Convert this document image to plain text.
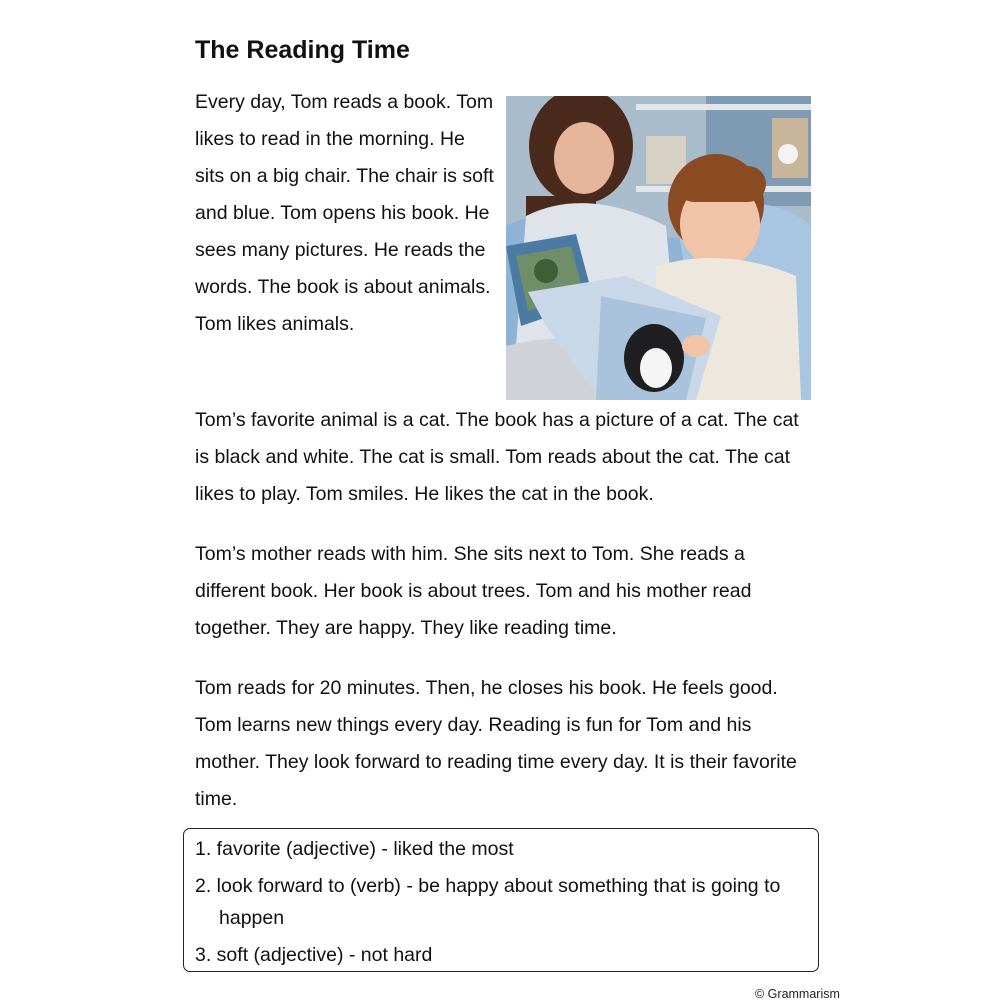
The Reading Time

Every day, Tom reads a book. Tom likes to read in the morning. He sits on a big chair. The chair is soft and blue. Tom opens his book. He sees many pictures. He reads the words. The book is about animals. Tom likes animals.

Tom’s favorite animal is a cat. The book has a picture of a cat. The cat is black and white. The cat is small. Tom reads about the cat. The cat likes to play. Tom smiles. He likes the cat in the book.

Tom’s mother reads with him. She sits next to Tom. She reads a different book. Her book is about trees. Tom and his mother read together. They are happy. They like reading time.

Tom reads for 20 minutes. Then, he closes his book. He feels good. Tom learns new things every day. Reading is fun for Tom and his mother. They look forward to reading time every day. It is their favorite time.

1. favorite (adjective) - liked the most
2. look forward to (verb) - be happy about something that is going to happen
3. soft (adjective) - not hard
© Grammarism
